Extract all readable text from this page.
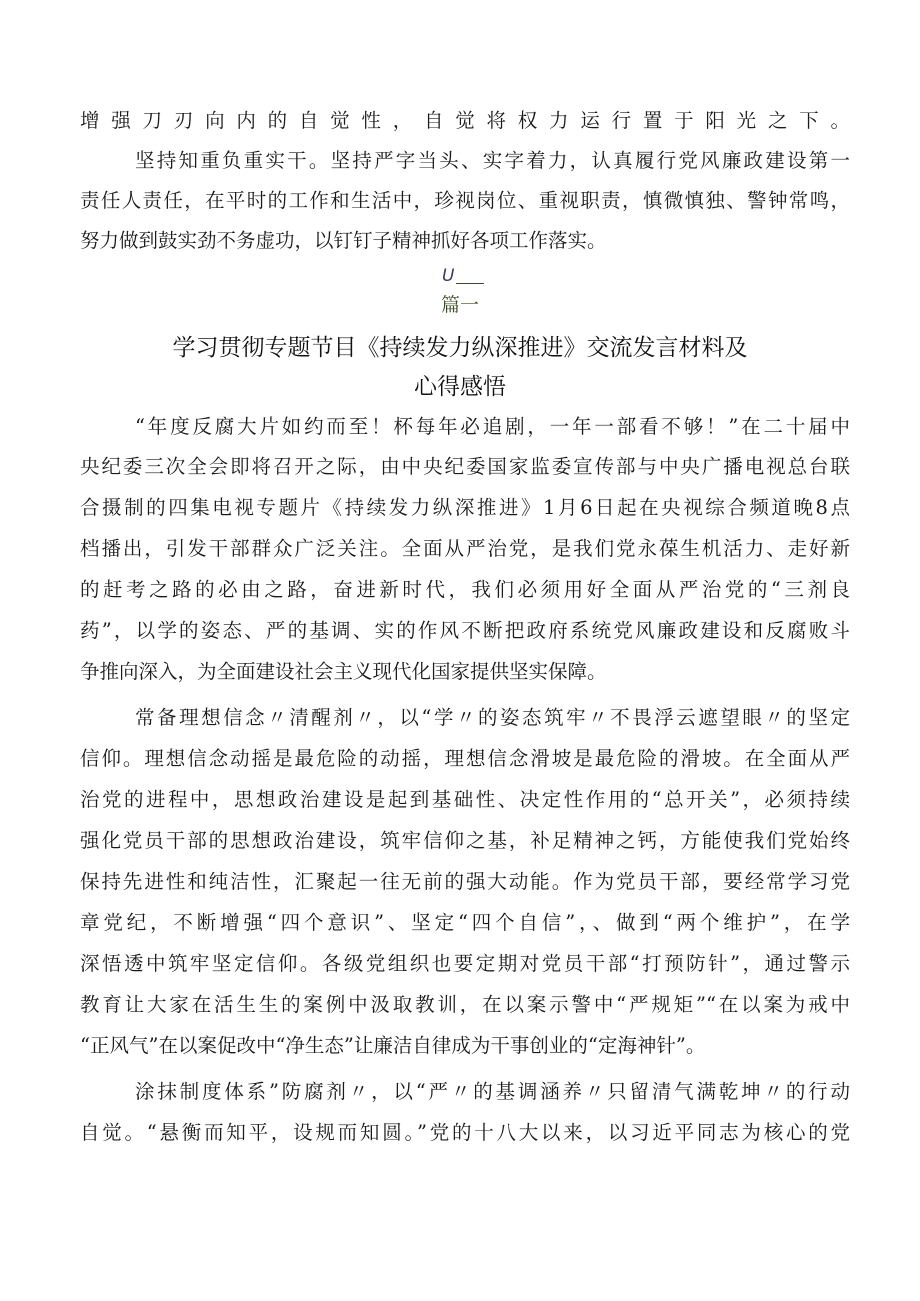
增强刀刃向内的自觉性，自觉将权力运行置于阳光之下。
坚持知重负重实干。坚持严字当头、实字着力，认真履行党风廉政建设第一
责任人责任，在平时的工作和生活中，珍视岗位、重视职责，慎微慎独、警钟常鸣，
努力做到鼓实劲不务虚功，以钉钉子精神抓好各项工作落实。
U
篇一
学习贯彻专题节目《持续发力纵深推进》交流发言材料及
心得感悟
“年度反腐大片如约而至！杯每年必追剧，一年一部看不够！”在二十届中
央纪委三次全会即将召开之际，由中央纪委国家监委宣传部与中央广播电视总台联
合摄制的四集电视专题片《持续发力纵深推进》1月6日起在央视综合频道晚8点
档播出，引发干部群众广泛关注。全面从严治党，是我们党永葆生机活力、走好新
的赶考之路的必由之路，奋进新时代，我们必须用好全面从严治党的“三剂良
药”，以学的姿态、严的基调、实的作风不断把政府系统党风廉政建设和反腐败斗
争推向深入，为全面建设社会主义现代化国家提供坚实保障。
常备理想信念〃清醒剂〃，以“学〃的姿态筑牢〃不畏浮云遮望眼〃的坚定
信仰。理想信念动摇是最危险的动摇，理想信念滑坡是最危险的滑坡。在全面从严
治党的进程中，思想政治建设是起到基础性、决定性作用的“总开关”，必须持续
强化党员干部的思想政治建设，筑牢信仰之基，补足精神之钙，方能使我们党始终
保持先进性和纯洁性，汇聚起一往无前的强大动能。作为党员干部，要经常学习党
章党纪，不断增强“四个意识”、坚定“四个自信”，、做到“两个维护”，在学
深悟透中筑牢坚定信仰。各级党组织也要定期对党员干部“打预防针”，通过警示
教育让大家在活生生的案例中汲取教训，在以案示警中“严规矩”“在以案为戒中
“正风气”在以案促改中“净生态”让廉洁自律成为干事创业的“定海神针”。
涂抹制度体系”防腐剂〃，以“严〃的基调涵养〃只留清气满乾坤〃的行动
自觉。“悬衡而知平，设规而知圆。”党的十八大以来，以习近平同志为核心的党
